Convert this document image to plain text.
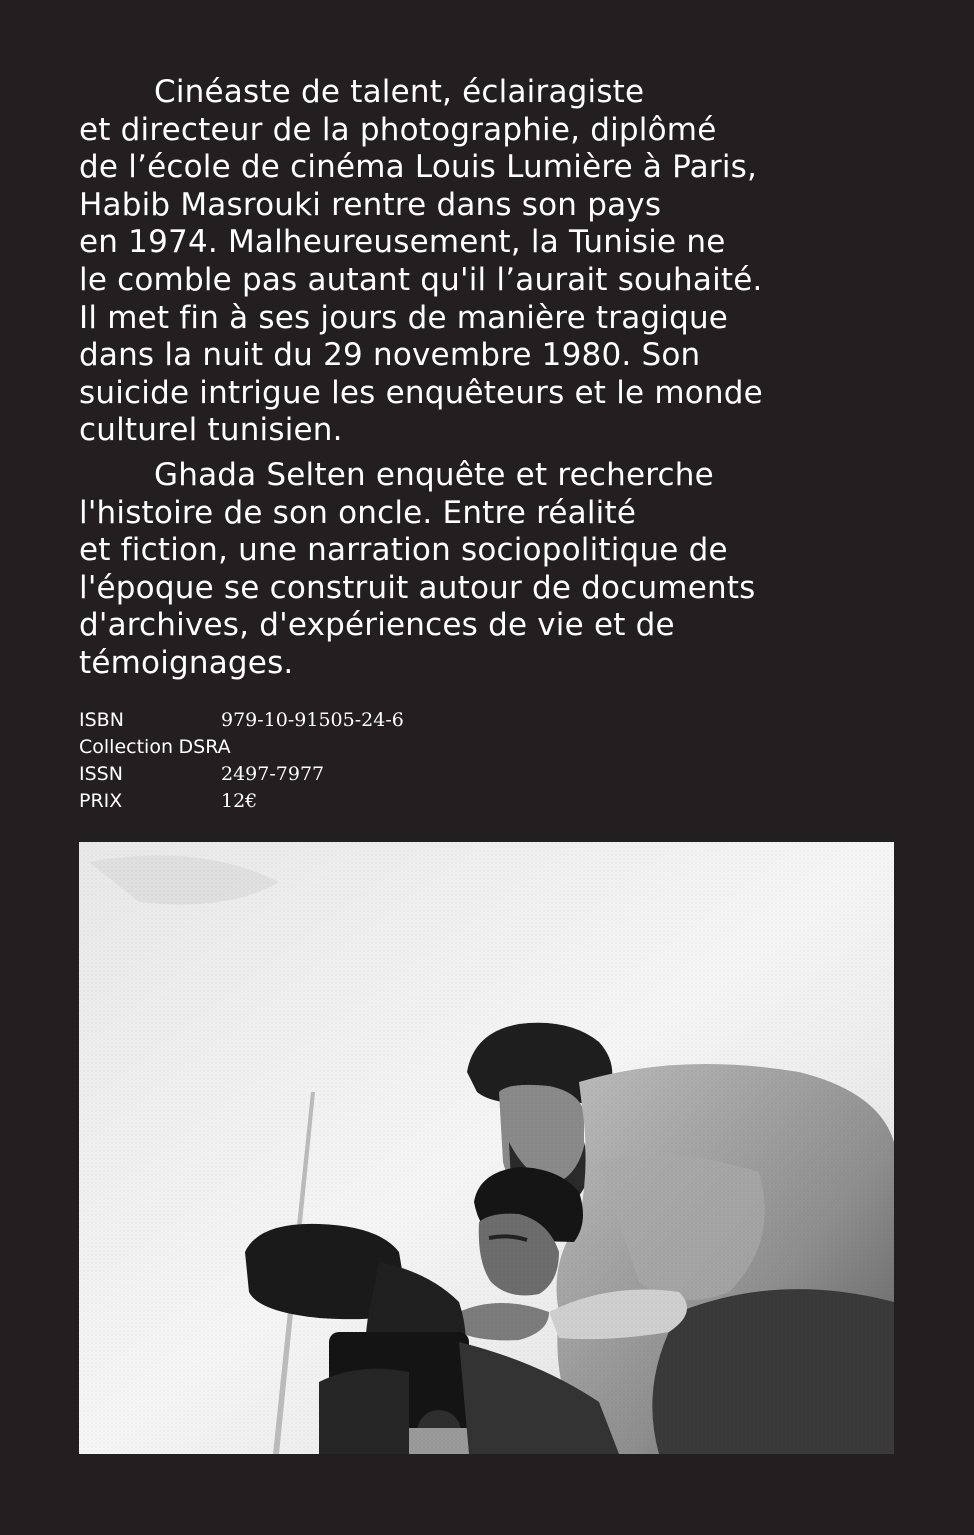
Cinéaste de talent, éclairagiste
et directeur de la photographie, diplômé
de l’école de cinéma Louis Lumière à Paris,
Habib Masrouki rentre dans son pays
en 1974. Malheureusement, la Tunisie ne
le comble pas autant qu'il l’aurait souhaité.
Il met fin à ses jours de manière tragique
dans la nuit du 29 novembre 1980. Son
suicide intrigue les enquêteurs et le monde
culturel tunisien.

Ghada Selten enquête et recherche
l'histoire de son oncle. Entre réalité
et fiction, une narration sociopolitique de
l'époque se construit autour de documents
d'archives, d'expériences de vie et de
témoignages.

ISBN	979-10-91505-24-6
Collection DSRA
ISSN	2497-7977
PRIX	12€
